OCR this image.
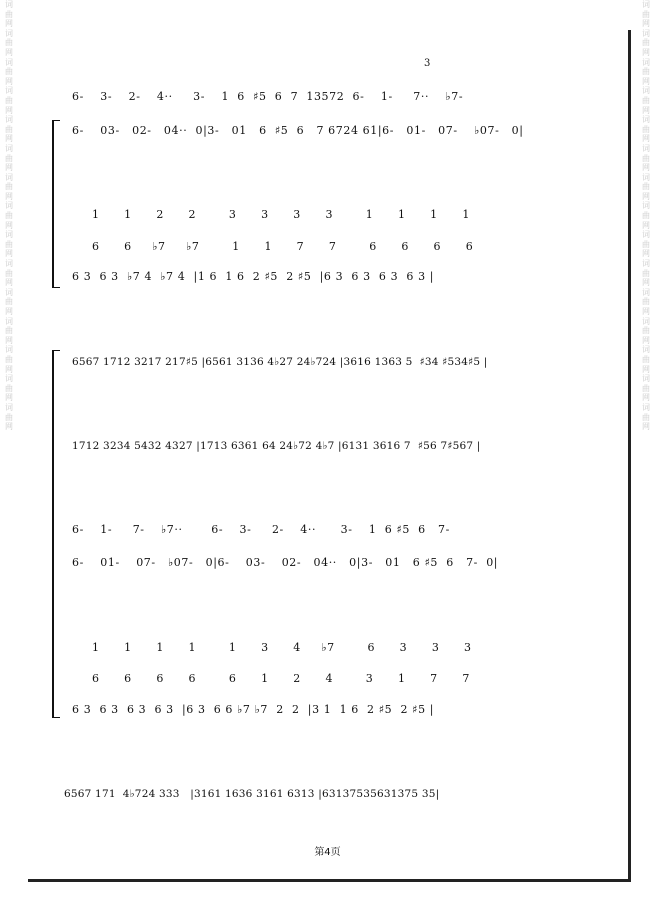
词曲网词曲网词曲网词曲网词曲网词曲网词曲网词曲网词曲网词曲网词曲网词曲网词曲网词曲网词曲网
词曲网词曲网词曲网词曲网词曲网词曲网词曲网词曲网词曲网词曲网词曲网词曲网词曲网词曲网词曲网
3
6-    3-    2-    4··     3-    1  6  ♯5  6  7  13572  6-    1-     7··    ♭7-
6-    03-   02-   04··  0|3-   01   6  ♯5  6   7 6724 61|6-   01-   07-    ♭07-   0|
1      1      2      2        3      3      3      3        1      1      1      1
6      6     ♭7     ♭7        1      1      7      7        6      6      6      6
6 3  6 3  ♭7 4  ♭7 4  |1 6  1 6  2 ♯5  2 ♯5  |6 3  6 3  6 3  6 3 |
6567 1712 3217 217♯5 |6561 3136 4♭27 24♭724 |3616 1363 5  ♯34 ♯534♯5 |
1712 3234 5432 4327 |1713 6361 64 24♭72 4♭7 |6131 3616 7  ♯56 7♯567 |
6-    1-     7-    ♭7··       6-    3-     2-    4··      3-    1  6 ♯5  6   7-
6-    01-    07-   ♭07-   0|6-    03-    02-   04··   0|3-   01   6 ♯5  6   7-  0|
1      1      1      1        1      3      4     ♭7        6      3      3      3
6      6      6      6        6      1      2      4        3      1      7      7
6 3  6 3  6 3  6 3  |6 3  6 6 ♭7 ♭7  2  2  |3 1  1 6  2 ♯5  2 ♯5 |
6567 171  4♭724 333   |3161 1636 3161 6313 |63137535631375 35|
第4页
